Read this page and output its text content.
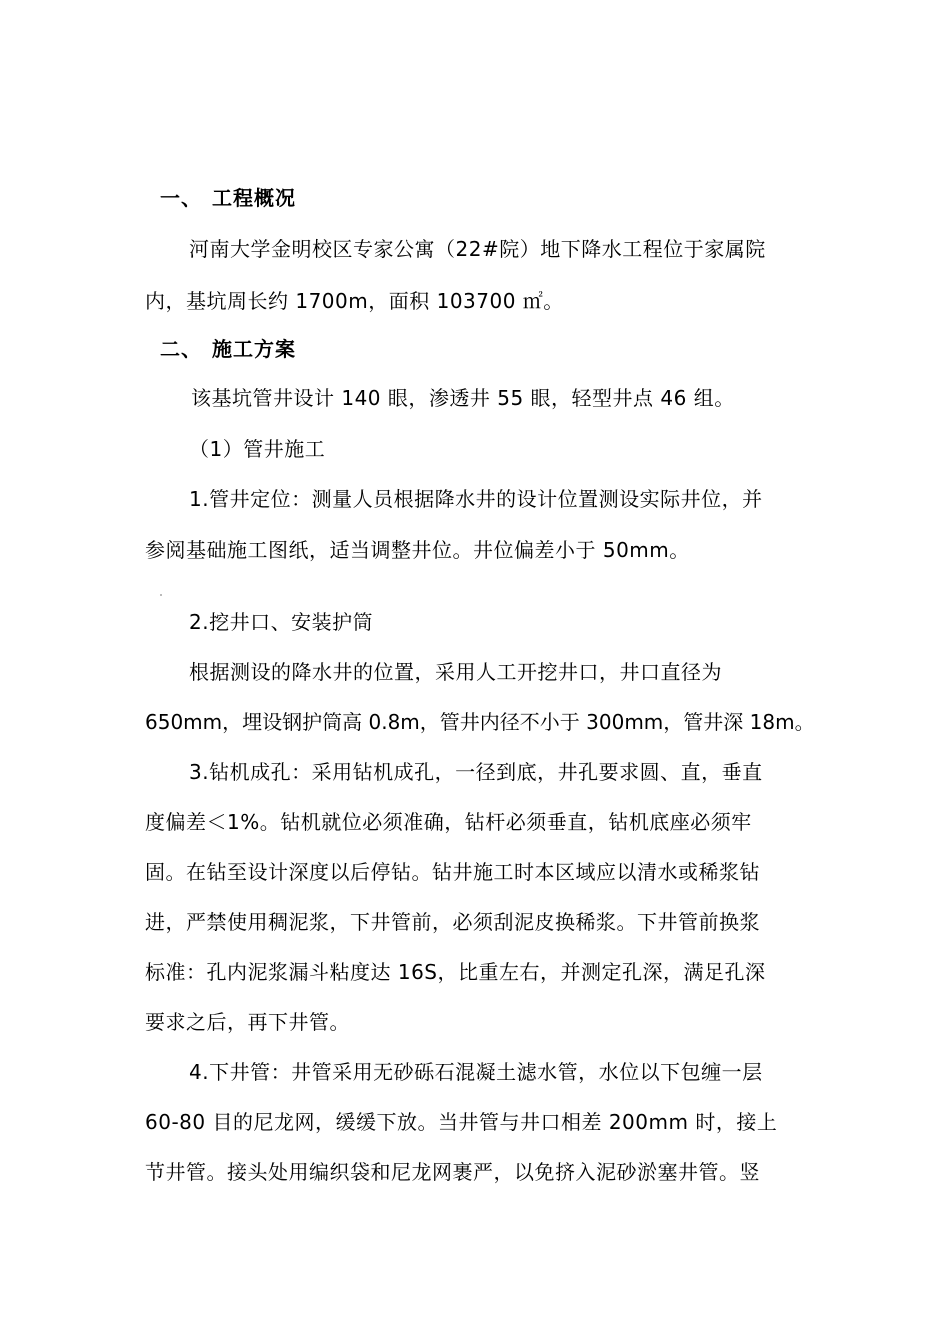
一、 工程概况
河南大学金明校区专家公寓（22#院）地下降水工程位于家属院
内，基坑周长约 1700m，面积 103700 ㎡。
二、 施工方案
该基坑管井设计 140 眼，渗透井 55 眼，轻型井点 46 组。
（1）管井施工
1.管井定位：测量人员根据降水井的设计位置测设实际井位，并
参阅基础施工图纸，适当调整井位。井位偏差小于 50mm。
2.挖井口、安装护筒
根据测设的降水井的位置，采用人工开挖井口，井口直径为
650mm，埋设钢护筒高 0.8m，管井内径不小于 300mm，管井深 18m。
3.钻机成孔：采用钻机成孔，一径到底，井孔要求圆、直，垂直
度偏差＜1%。钻机就位必须准确，钻杆必须垂直，钻机底座必须牢
固。在钻至设计深度以后停钻。钻井施工时本区域应以清水或稀浆钻
进，严禁使用稠泥浆，下井管前，必须刮泥皮换稀浆。下井管前换浆
标准：孔内泥浆漏斗粘度达 16S，比重左右，并测定孔深，满足孔深
要求之后，再下井管。
4.下井管：井管采用无砂砾石混凝土滤水管，水位以下包缠一层
60-80 目的尼龙网，缓缓下放。当井管与井口相差 200mm 时，接上
节井管。接头处用编织袋和尼龙网裹严，以免挤入泥砂淤塞井管。竖
